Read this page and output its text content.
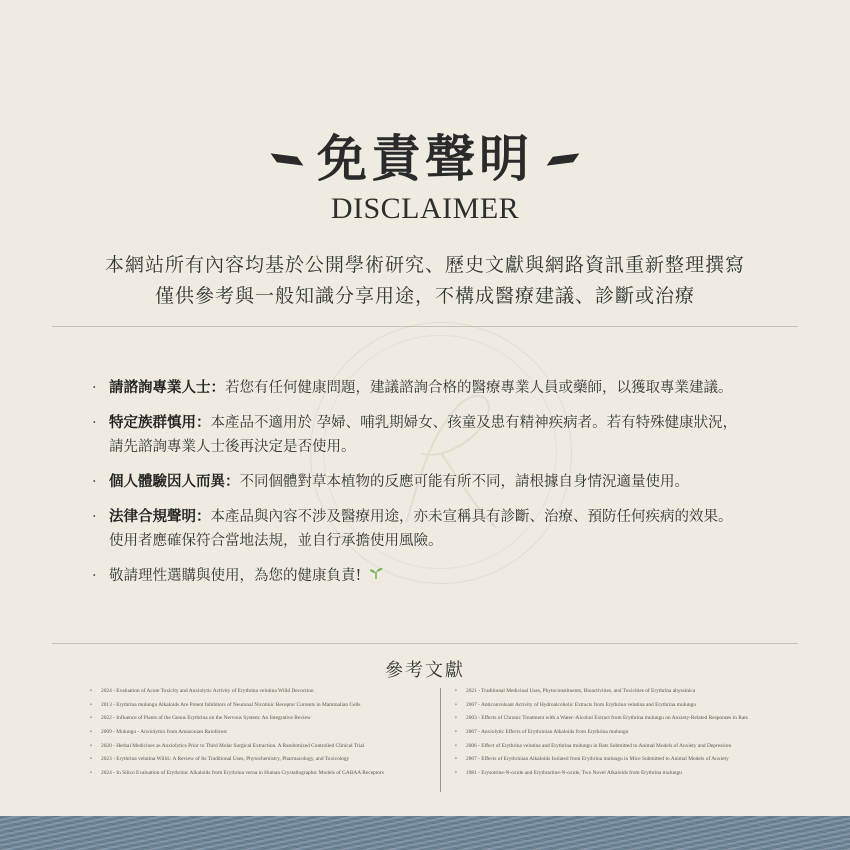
免責聲明
DISCLAIMER
本網站所有內容均基於公開學術研究、歷史文獻與網路資訊重新整理撰寫
僅供參考與一般知識分享用途，不構成醫療建議、診斷或治療
· 請諮詢專業人士：若您有任何健康問題，建議諮詢合格的醫療專業人員或藥師，以獲取專業建議。
· 特定族群慎用：本產品不適用於 孕婦、哺乳期婦女、孩童及患有精神疾病者。若有特殊健康狀況，
請先諮詢專業人士後再決定是否使用。
· 個人體驗因人而異：不同個體對草本植物的反應可能有所不同，請根據自身情況適量使用。
· 法律合規聲明：本產品與內容不涉及醫療用途，亦未宣稱具有診斷、治療、預防任何疾病的效果。
使用者應確保符合當地法規，並自行承擔使用風險。
· 敬請理性選購與使用，為您的健康負責!
參考文獻
• 2024 - Evaluation of Acute Toxicity and Anxiolytic Activity of Erythrina velutina Willd Decoction
• 2013 - Erythrina mulungu Alkaloids Are Potent Inhibitors of Neuronal Nicotinic Receptor Currents in Mammalian Cells
• 2022 - Influence of Plants of the Genus Erythrina on the Nervous System: An Integrative Review
• 2009 - Mulungu - Anxiolytics from Amazonian Rainforest
• 2020 - Herbal Medicines as Anxiolytics Prior to Third Molar Surgical Extraction. A Randomized Controlled Clinical Trial
• 2023 - Erythrina velutina Willd.: A Review of Its Traditional Uses, Phytochemistry, Pharmacology, and Toxicology
• 2024 - In Silico Evaluation of Erythrinic Alkaloids from Erythrina verna in Human Crystallographic Models of GABAA Receptors
• 2021 - Traditional Medicinal Uses, Phytoconstituents, Bioactivities, and Toxicities of Erythrina abyssinica
• 2007 - Anticonvulsant Activity of Hydroalcoholic Extracts from Erythrina velutina and Erythrina mulungu
• 2003 - Effects of Chronic Treatment with a Water–Alcohol Extract from Erythrina mulungu on Anxiety-Related Responses in Rats
• 2007 - Anxiolytic Effects of Erythrinian Alkaloids from Erythrina mulungu
• 2006 - Effect of Erythrina velutina and Erythrina mulungu in Rats Submitted to Animal Models of Anxiety and Depression
• 2007 - Effects of Erythrinian Alkaloids Isolated from Erythrina mulungu in Mice Submitted to Animal Models of Anxiety
• 1981 - Erysotrine-N-oxide and Erythrartine-N-oxide, Two Novel Alkaloids from Erythrina mulungu
